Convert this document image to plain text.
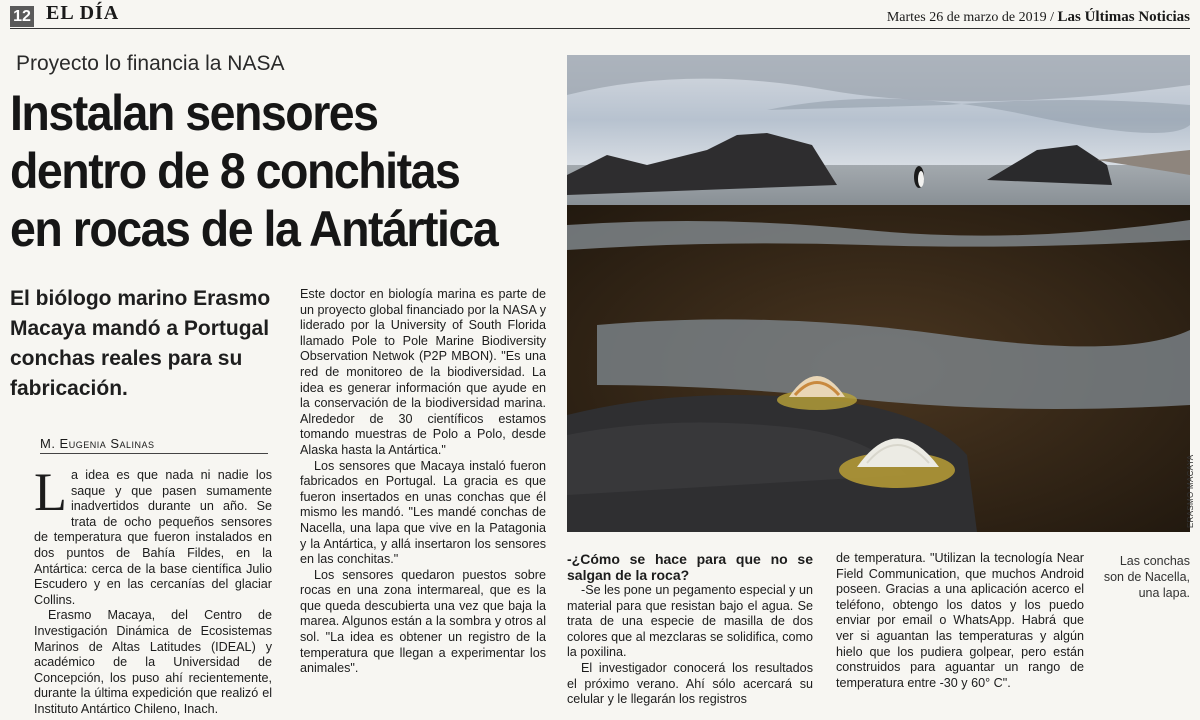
12 EL DÍA	Martes 26 de marzo de 2019 / Las Últimas Noticias
Proyecto lo financia la NASA
Instalan sensores
dentro de 8 conchitas
en rocas de la Antártica
El biólogo marino Erasmo Macaya mandó a Portugal conchas reales para su fabricación.
M. Eugenia Salinas

La idea es que nada ni nadie los saque y que pasen sumamente inadvertidos durante un año. Se trata de ocho pequeños sensores de temperatura que fueron instalados en dos puntos de Bahía Fildes, en la Antártica: cerca de la base científica Julio Escudero y en las cercanías del glaciar Collins.

Erasmo Macaya, del Centro de Investigación Dinámica de Ecosistemas Marinos de Altas Latitudes (IDEAL) y académico de la Universidad de Concepción, los puso ahí recientemente, durante la última expedición que realizó el Instituto Antártico Chileno, Inach.

Este doctor en biología marina es parte de un proyecto global financiado por la NASA y liderado por la University of South Florida llamado Pole to Pole Marine Biodiversity Observation Netwok (P2P MBON). "Es una red de monitoreo de la biodiversidad. La idea es generar información que ayude en la conservación de la biodiversidad marina. Alrededor de 30 científicos estamos tomando muestras de Polo a Polo, desde Alaska hasta la Antártica."

Los sensores que Macaya instaló fueron fabricados en Portugal. La gracia es que fueron insertados en unas conchas que él mismo les mandó. "Les mandé conchas de Nacella, una lapa que vive en la Patagonia y la Antártica, y allá insertaron los sensores en las conchitas."

Los sensores quedaron puestos sobre rocas en una zona intermareal, que es la que queda descubierta una vez que baja la marea. Algunos están a la sombra y otros al sol. "La idea es obtener un registro de la temperatura que llegan a experimentar los animales".

ERASMO MACAYA

-¿Cómo se hace para que no se salgan de la roca?

-Se les pone un pegamento especial y un material para que resistan bajo el agua. Se trata de una especie de masilla de dos colores que al mezclaras se solidifica, como la poxilina.

El investigador conocerá los resultados el próximo verano. Ahí sólo acercará su celular y le llegarán los registros

de temperatura. "Utilizan la tecnología Near Field Communication, que muchos Android poseen. Gracias a una aplicación acerco el teléfono, obtengo los datos y los puedo enviar por email o WhatsApp. Habrá que ver si aguantan las temperaturas y algún hielo que los pudiera golpear, pero están construidos para aguantar un rango de temperatura entre -30 y 60° C".

Las conchas son de Nacella, una lapa.
